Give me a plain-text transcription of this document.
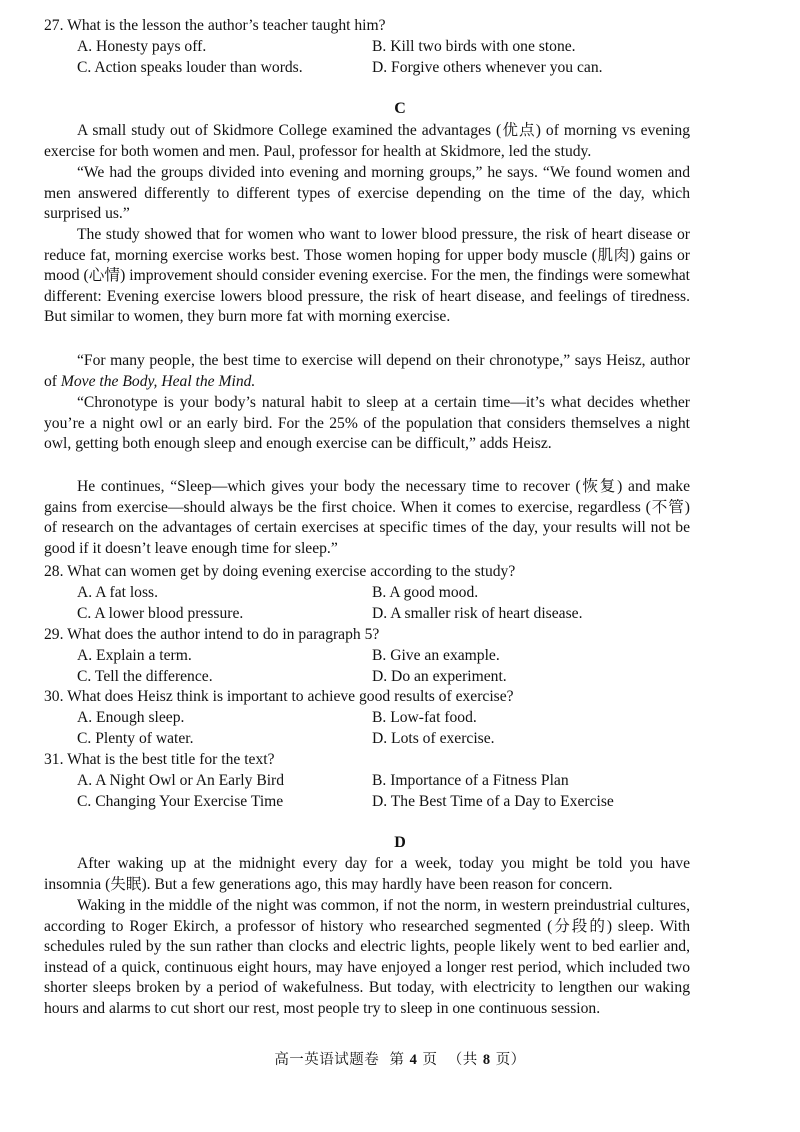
27. What is the lesson the author’s teacher taught him?
A. Honesty pays off.	B. Kill two birds with one stone.
C. Action speaks louder than words.	D. Forgive others whenever you can.
C

A small study out of Skidmore College examined the advantages (优点) of morning vs evening exercise for both women and men. Paul, professor for health at Skidmore, led the study.

“We had the groups divided into evening and morning groups,” he says. “We found women and men answered differently to different types of exercise depending on the time of the day, which surprised us.”

The study showed that for women who want to lower blood pressure, the risk of heart disease or reduce fat, morning exercise works best. Those women hoping for upper body muscle (肌肉) gains or mood (心情) improvement should consider evening exercise. For the men, the findings were somewhat different: Evening exercise lowers blood pressure, the risk of heart disease, and feelings of tiredness. But similar to women, they burn more fat with morning exercise.

“For many people, the best time to exercise will depend on their chronotype,” says Heisz, author of Move the Body, Heal the Mind.

“Chronotype is your body’s natural habit to sleep at a certain time—it’s what decides whether you’re a night owl or an early bird. For the 25% of the population that considers themselves a night owl, getting both enough sleep and enough exercise can be difficult,” adds Heisz.

He continues, “Sleep—which gives your body the necessary time to recover (恢复) and make gains from exercise—should always be the first choice. When it comes to exercise, regardless (不管) of research on the advantages of certain exercises at specific times of the day, your results will not be good if it doesn’t leave enough time for sleep.”

28. What can women get by doing evening exercise according to the study?
A. A fat loss.	B. A good mood.
C. A lower blood pressure.	D. A smaller risk of heart disease.
29. What does the author intend to do in paragraph 5?
A. Explain a term.	B. Give an example.
C. Tell the difference.	D. Do an experiment.
30. What does Heisz think is important to achieve good results of exercise?
A. Enough sleep.	B. Low-fat food.
C. Plenty of water.	D. Lots of exercise.
31. What is the best title for the text?
A. A Night Owl or An Early Bird	B. Importance of a Fitness Plan
C. Changing Your Exercise Time	D. The Best Time of a Day to Exercise
D

After waking up at the midnight every day for a week, today you might be told you have insomnia (失眠). But a few generations ago, this may hardly have been reason for concern.

Waking in the middle of the night was common, if not the norm, in western preindustrial cultures, according to Roger Ekirch, a professor of history who researched segmented (分段的) sleep. With schedules ruled by the sun rather than clocks and electric lights, people likely went to bed earlier and, instead of a quick, continuous eight hours, may have enjoyed a longer rest period, which included two shorter sleeps broken by a period of wakefulness. But today, with electricity to lengthen our waking hours and alarms to cut short our rest, most people try to sleep in one continuous session.

高一英语试题卷 第 4 页 （共 8 页）
